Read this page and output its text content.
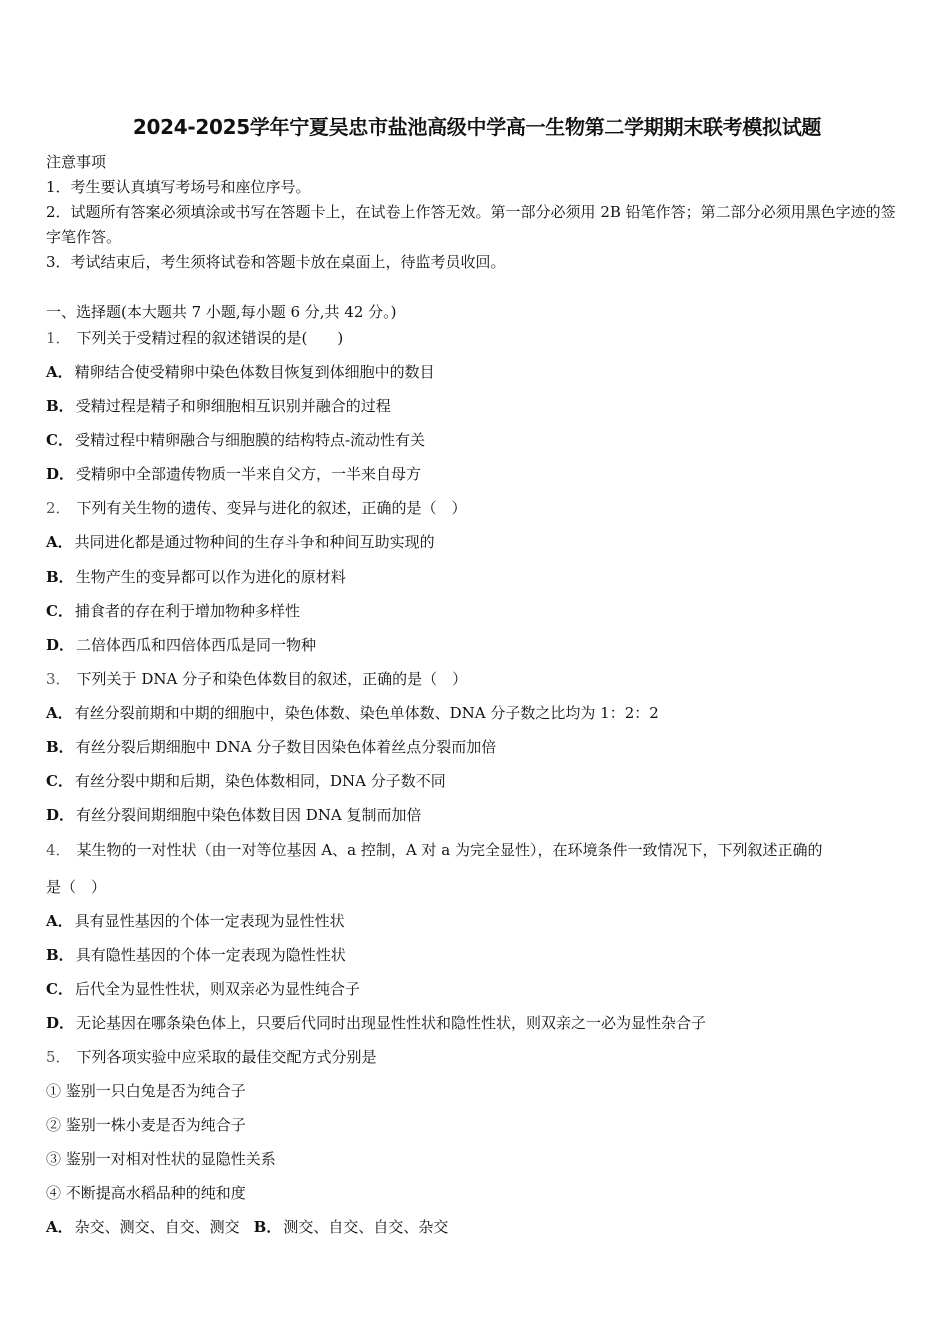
2024-2025学年宁夏吴忠市盐池高级中学高一生物第二学期期末联考模拟试题
注意事项
1．考生要认真填写考场号和座位序号。
2．试题所有答案必须填涂或书写在答题卡上，在试卷上作答无效。第一部分必须用 2B 铅笔作答；第二部分必须用黑色字迹的签字笔作答。
3．考试结束后，考生须将试卷和答题卡放在桌面上，待监考员收回。
一、选择题(本大题共 7 小题,每小题 6 分,共 42 分。)
1． 下列关于受精过程的叙述错误的是(　　)
A． 精卵结合使受精卵中染色体数目恢复到体细胞中的数目
B． 受精过程是精子和卵细胞相互识别并融合的过程
C． 受精过程中精卵融合与细胞膜的结构特点-流动性有关
D． 受精卵中全部遗传物质一半来自父方，一半来自母方
2． 下列有关生物的遗传、变异与进化的叙述，正确的是（　）
A． 共同进化都是通过物种间的生存斗争和种间互助实现的
B． 生物产生的变异都可以作为进化的原材料
C． 捕食者的存在利于增加物种多样性
D． 二倍体西瓜和四倍体西瓜是同一物种
3． 下列关于 DNA 分子和染色体数目的叙述，正确的是（　）
A． 有丝分裂前期和中期的细胞中，染色体数、染色单体数、DNA 分子数之比均为 1：2：2
B． 有丝分裂后期细胞中 DNA 分子数目因染色体着丝点分裂而加倍
C． 有丝分裂中期和后期，染色体数相同，DNA 分子数不同
D． 有丝分裂间期细胞中染色体数目因 DNA 复制而加倍
4． 某生物的一对性状（由一对等位基因 A、a 控制，A 对 a 为完全显性），在环境条件一致情况下，下列叙述正确的
是（　）
A． 具有显性基因的个体一定表现为显性性状
B． 具有隐性基因的个体一定表现为隐性性状
C． 后代全为显性性状，则双亲必为显性纯合子
D． 无论基因在哪条染色体上，只要后代同时出现显性性状和隐性性状，则双亲之一必为显性杂合子
5． 下列各项实验中应采取的最佳交配方式分别是
① 鉴别一只白兔是否为纯合子
② 鉴别一株小麦是否为纯合子
③ 鉴别一对相对性状的显隐性关系
④ 不断提高水稻品种的纯和度
A． 杂交、测交、自交、测交 B． 测交、自交、自交、杂交
